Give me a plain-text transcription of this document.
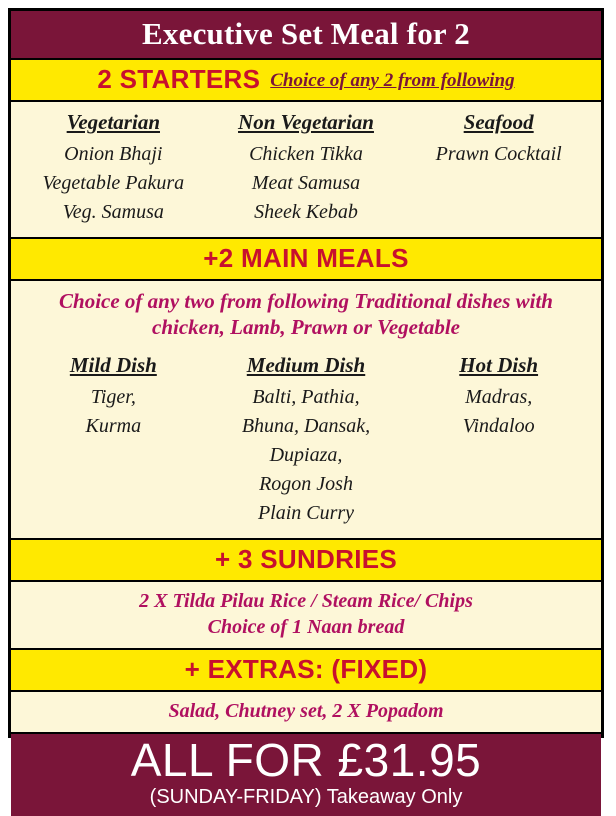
Executive Set Meal for 2
2 STARTERS Choice of any 2 from following
Vegetarian
Onion Bhaji
Vegetable Pakura
Veg. Samusa
Non Vegetarian
Chicken Tikka
Meat Samusa
Sheek Kebab
Seafood
Prawn Cocktail
+2 MAIN MEALS
Choice of any two from following Traditional dishes with
chicken, Lamb, Prawn or Vegetable
Mild Dish
Tiger,
Kurma
Medium Dish
Balti, Pathia,
Bhuna, Dansak,
Dupiaza,
Rogon Josh
Plain Curry
Hot Dish
Madras,
Vindaloo
+ 3 SUNDRIES
2 X Tilda Pilau Rice / Steam Rice/ Chips
Choice of 1 Naan bread
+ EXTRAS: (FIXED)
Salad, Chutney set, 2 X Popadom
ALL FOR £31.95
(SUNDAY-FRIDAY) Takeaway Only
